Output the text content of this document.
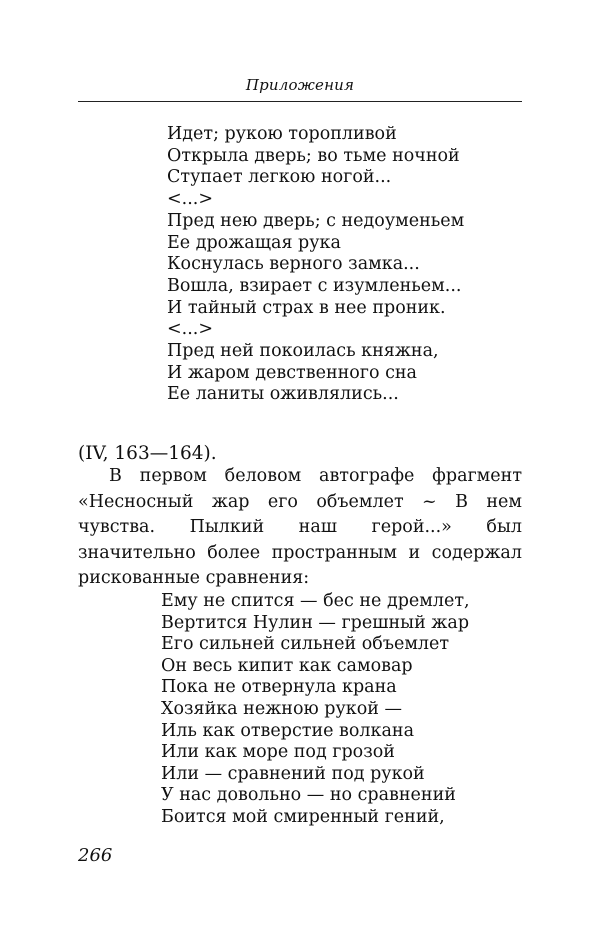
Приложения
Идет; рукою торопливой
Открыла дверь; во тьме ночной
Ступает легкою ногой...
<...>
Пред нею дверь; с недоуменьем
Ее дрожащая рука
Коснулась верного замка...
Вошла, взирает с изумленьем...
И тайный страх в нее проник.
<...>
Пред ней покоилась княжна,
И жаром девственного сна
Ее ланиты оживлялись...
(IV, 163—164).

В первом беловом автографе фрагмент «Несносный жар его объемлет ~ В нем чувства. Пылкий наш герой...» был значительно более пространным и содержал рискованные сравнения:

Ему не спится — бес не дремлет,
Вертится Нулин — грешный жар
Его сильней сильней объемлет
Он весь кипит как самовар
Пока не отвернула крана
Хозяйка нежною рукой —
Иль как отверстие волкана
Или как море под грозой
Или — сравнений под рукой
У нас довольно — но сравнений
Боится мой смиренный гений,
266
